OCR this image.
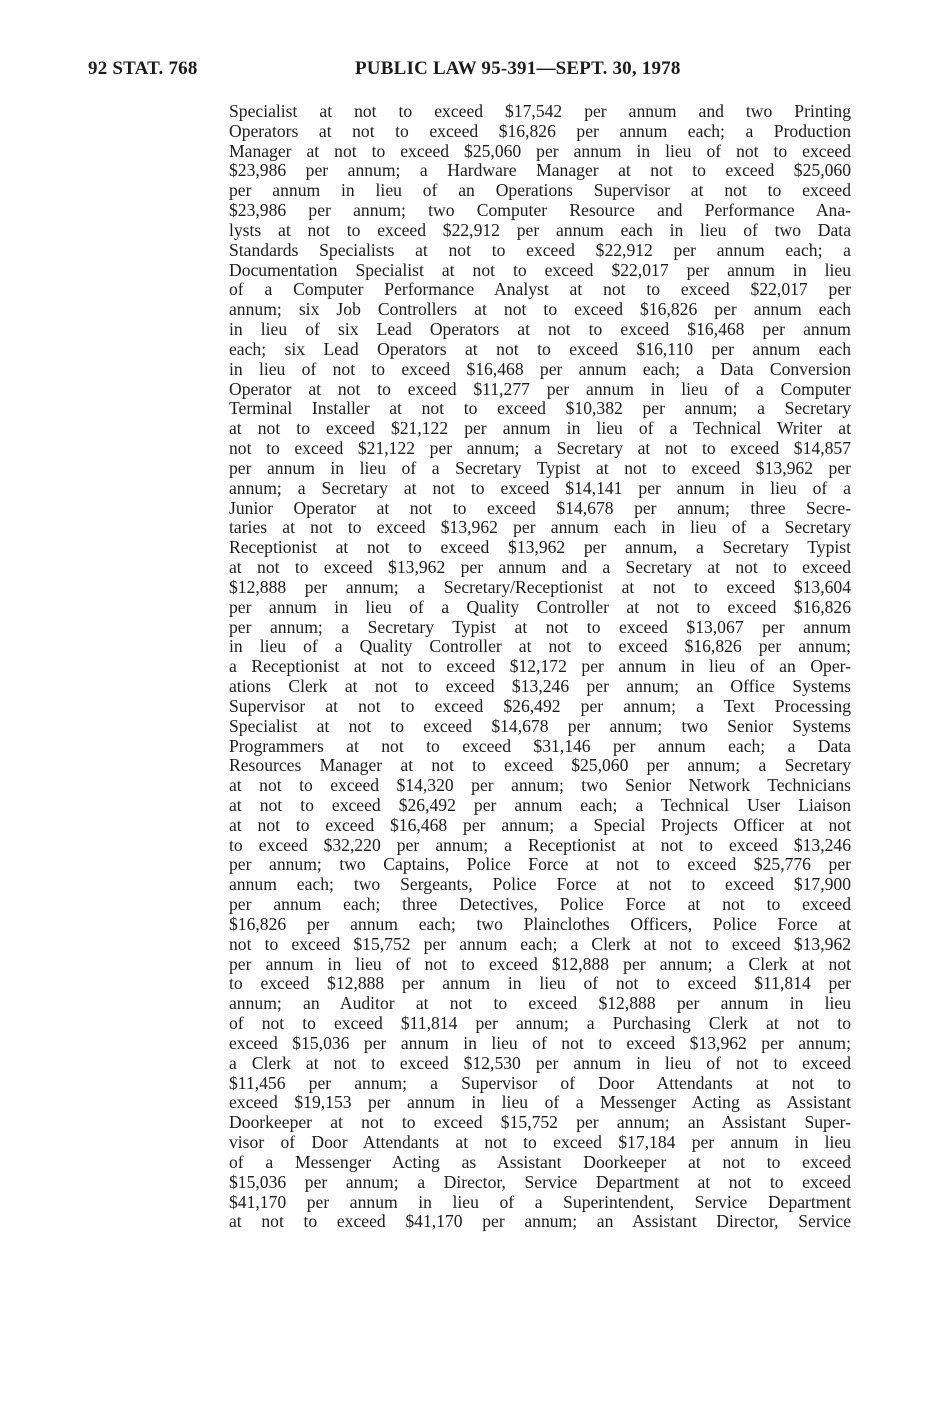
92 STAT. 768	PUBLIC LAW 95-391—SEPT. 30, 1978
Specialist at not to exceed $17,542 per annum and two Printing
Operators at not to exceed $16,826 per annum each; a Production
Manager at not to exceed $25,060 per annum in lieu of not to exceed
$23,986 per annum; a Hardware Manager at not to exceed $25,060
per annum in lieu of an Operations Supervisor at not to exceed
$23,986 per annum; two Computer Resource and Performance Ana-
lysts at not to exceed $22,912 per annum each in lieu of two Data
Standards Specialists at not to exceed $22,912 per annum each; a
Documentation Specialist at not to exceed $22,017 per annum in lieu
of a Computer Performance Analyst at not to exceed $22,017 per
annum; six Job Controllers at not to exceed $16,826 per annum each
in lieu of six Lead Operators at not to exceed $16,468 per annum
each; six Lead Operators at not to exceed $16,110 per annum each
in lieu of not to exceed $16,468 per annum each; a Data Conversion
Operator at not to exceed $11,277 per annum in lieu of a Computer
Terminal Installer at not to exceed $10,382 per annum; a Secretary
at not to exceed $21,122 per annum in lieu of a Technical Writer at
not to exceed $21,122 per annum; a Secretary at not to exceed $14,857
per annum in lieu of a Secretary Typist at not to exceed $13,962 per
annum; a Secretary at not to exceed $14,141 per annum in lieu of a
Junior Operator at not to exceed $14,678 per annum; three Secre-
taries at not to exceed $13,962 per annum each in lieu of a Secretary
Receptionist at not to exceed $13,962 per annum, a Secretary Typist
at not to exceed $13,962 per annum and a Secretary at not to exceed
$12,888 per annum; a Secretary/Receptionist at not to exceed $13,604
per annum in lieu of a Quality Controller at not to exceed $16,826
per annum; a Secretary Typist at not to exceed $13,067 per annum
in lieu of a Quality Controller at not to exceed $16,826 per annum;
a Receptionist at not to exceed $12,172 per annum in lieu of an Oper-
ations Clerk at not to exceed $13,246 per annum; an Office Systems
Supervisor at not to exceed $26,492 per annum; a Text Processing
Specialist at not to exceed $14,678 per annum; two Senior Systems
Programmers at not to exceed $31,146 per annum each; a Data
Resources Manager at not to exceed $25,060 per annum; a Secretary
at not to exceed $14,320 per annum; two Senior Network Technicians
at not to exceed $26,492 per annum each; a Technical User Liaison
at not to exceed $16,468 per annum; a Special Projects Officer at not
to exceed $32,220 per annum; a Receptionist at not to exceed $13,246
per annum; two Captains, Police Force at not to exceed $25,776 per
annum each; two Sergeants, Police Force at not to exceed $17,900
per annum each; three Detectives, Police Force at not to exceed
$16,826 per annum each; two Plainclothes Officers, Police Force at
not to exceed $15,752 per annum each; a Clerk at not to exceed $13,962
per annum in lieu of not to exceed $12,888 per annum; a Clerk at not
to exceed $12,888 per annum in lieu of not to exceed $11,814 per
annum; an Auditor at not to exceed $12,888 per annum in lieu
of not to exceed $11,814 per annum; a Purchasing Clerk at not to
exceed $15,036 per annum in lieu of not to exceed $13,962 per annum;
a Clerk at not to exceed $12,530 per annum in lieu of not to exceed
$11,456 per annum; a Supervisor of Door Attendants at not to
exceed $19,153 per annum in lieu of a Messenger Acting as Assistant
Doorkeeper at not to exceed $15,752 per annum; an Assistant Super-
visor of Door Attendants at not to exceed $17,184 per annum in lieu
of a Messenger Acting as Assistant Doorkeeper at not to exceed
$15,036 per annum; a Director, Service Department at not to exceed
$41,170 per annum in lieu of a Superintendent, Service Department
at not to exceed $41,170 per annum; an Assistant Director, Service
